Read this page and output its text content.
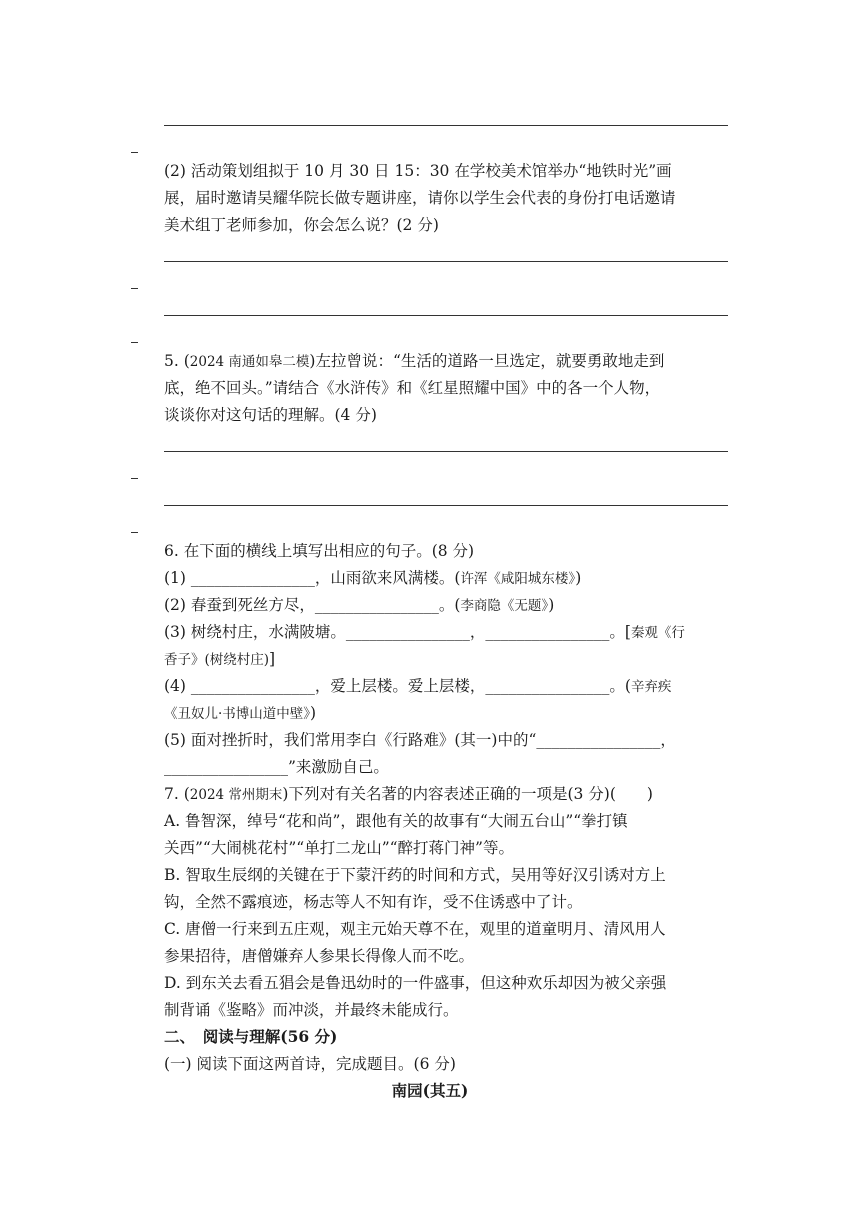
(2) 活动策划组拟于 10 月 30 日 15：30 在学校美术馆举办“地铁时光”画
展，届时邀请吴耀华院长做专题讲座，请你以学生会代表的身份打电话邀请
美术组丁老师参加，你会怎么说？(2 分)
5. (2024 南通如皋二模)左拉曾说：“生活的道路一旦选定，就要勇敢地走到
底，绝不回头。”请结合《水浒传》和《红星照耀中国》中的各一个人物，
谈谈你对这句话的理解。(4 分)
6. 在下面的横线上填写出相应的句子。(8 分)
(1) ________________，山雨欲来风满楼。(许浑《咸阳城东楼》)
(2) 春蚕到死丝方尽，________________。(李商隐《无题》)
(3) 树绕村庄，水满陂塘。________________，________________。[秦观《行
香子》(树绕村庄)]
(4) ________________，爱上层楼。爱上层楼，________________。(辛弃疾
《丑奴儿·书博山道中壁》)
(5) 面对挫折时，我们常用李白《行路难》(其一)中的“________________，
________________”来激励自己。
7. (2024 常州期末)下列对有关名著的内容表述正确的一项是(3 分)(　　)
A. 鲁智深，绰号“花和尚”，跟他有关的故事有“大闹五台山”“拳打镇
关西”“大闹桃花村”“单打二龙山”“醉打蒋门神”等。
B. 智取生辰纲的关键在于下蒙汗药的时间和方式，吴用等好汉引诱对方上
钩，全然不露痕迹，杨志等人不知有诈，受不住诱惑中了计。
C. 唐僧一行来到五庄观，观主元始天尊不在，观里的道童明月、清风用人
参果招待，唐僧嫌弃人参果长得像人而不吃。
D. 到东关去看五猖会是鲁迅幼时的一件盛事，但这种欢乐却因为被父亲强
制背诵《鉴略》而冲淡，并最终未能成行。
二、　阅读与理解(56 分)
(一) 阅读下面这两首诗，完成题目。(6 分)
南园(其五)
